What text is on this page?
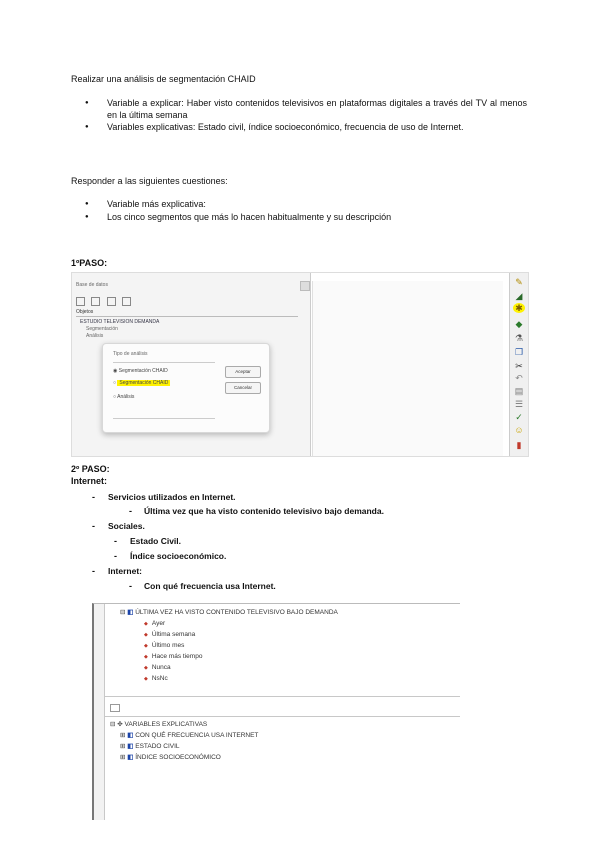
Realizar una análisis de segmentación CHAID
● Variable a explicar: Haber visto contenidos televisivos en plataformas digitales a través del TV al menos en la última semana
● Variables explicativas: Estado civil, índice socioeconómico, frecuencia de uso de Internet.
Responder a las siguientes cuestiones:
● Variable más explicativa:
● Los cinco segmentos que más lo hacen habitualmente y su descripción
1ºPASO:
Base de datos

Objetos
ESTUDIO TELEVISION DEMANDA
Segmentación
Análisis
Tipo de análisis
◉ Segmentación CHAID
○ Segmentación CHAID
○ Análisis
Aceptar
Cancelar
✎
◢
✱
◆
⚗
❐
✂
↶
▤
☰
✓
☺
▮
2º PASO:
Internet:
- Servicios utilizados en Internet.
- Última vez que ha visto contenido televisivo bajo demanda.
- Sociales.
- Estado Civil.
- Índice socioeconómico.
- Internet:
- Con qué frecuencia usa Internet.
⊟ ◧ ÚLTIMA VEZ HA VISTO CONTENIDO TELEVISIVO BAJO DEMANDA
◆ Ayer
◆ Última semana
◆ Último mes
◆ Hace más tiempo
◆ Nunca
◆ NsNc
⊟ ✤ VARIABLES EXPLICATIVAS
⊞ ◧ CON QUÉ FRECUENCIA USA INTERNET
⊞ ◧ ESTADO CIVIL
⊞ ◧ ÍNDICE SOCIOECONÓMICO
